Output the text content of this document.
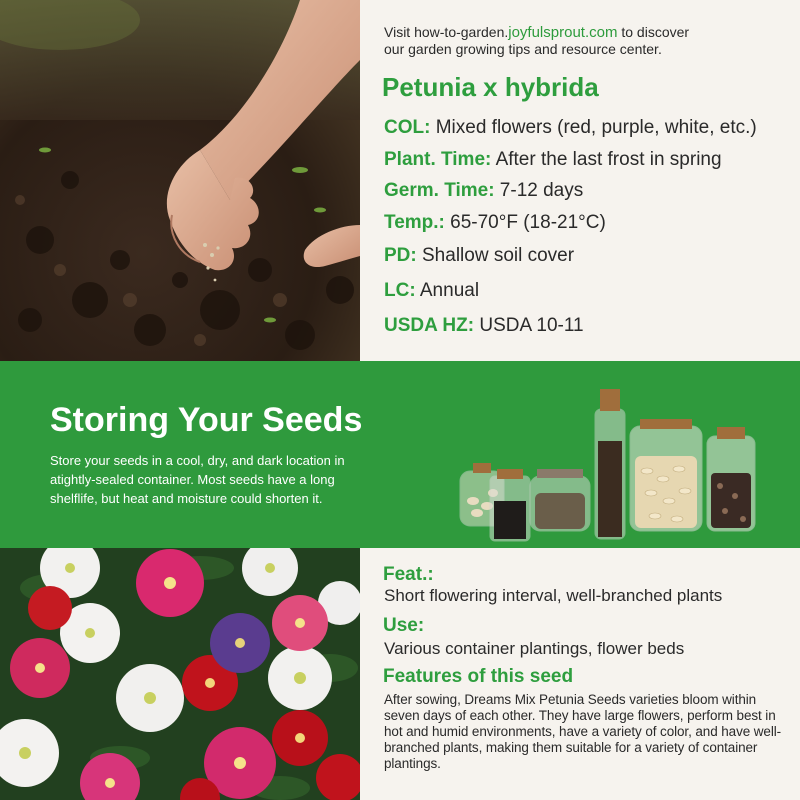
Visit how-to-garden.joyfulsprout.com to discover
our garden growing tips and resource center.
Petunia x hybrida
COL: Mixed flowers (red, purple, white, etc.)
Plant. Time: After the last frost in spring
Germ. Time: 7-12 days
Temp.: 65-70°F (18-21°C)
PD: Shallow soil cover
LC: Annual
USDA HZ: USDA 10-11
Storing Your Seeds
Store your seeds in a cool, dry, and dark location in atightly-sealed container. Most seeds have a long shelflife, but heat and moisture could shorten it.
Feat.:
Short flowering interval, well-branched plants
Use:
Various container plantings, flower beds
Features of this seed
After sowing, Dreams Mix Petunia Seeds varieties bloom within seven days of each other. They have large flowers, perform best in hot and humid environments, have a variety of color, and have well-branched plants, making them suitable for a variety of container plantings.
